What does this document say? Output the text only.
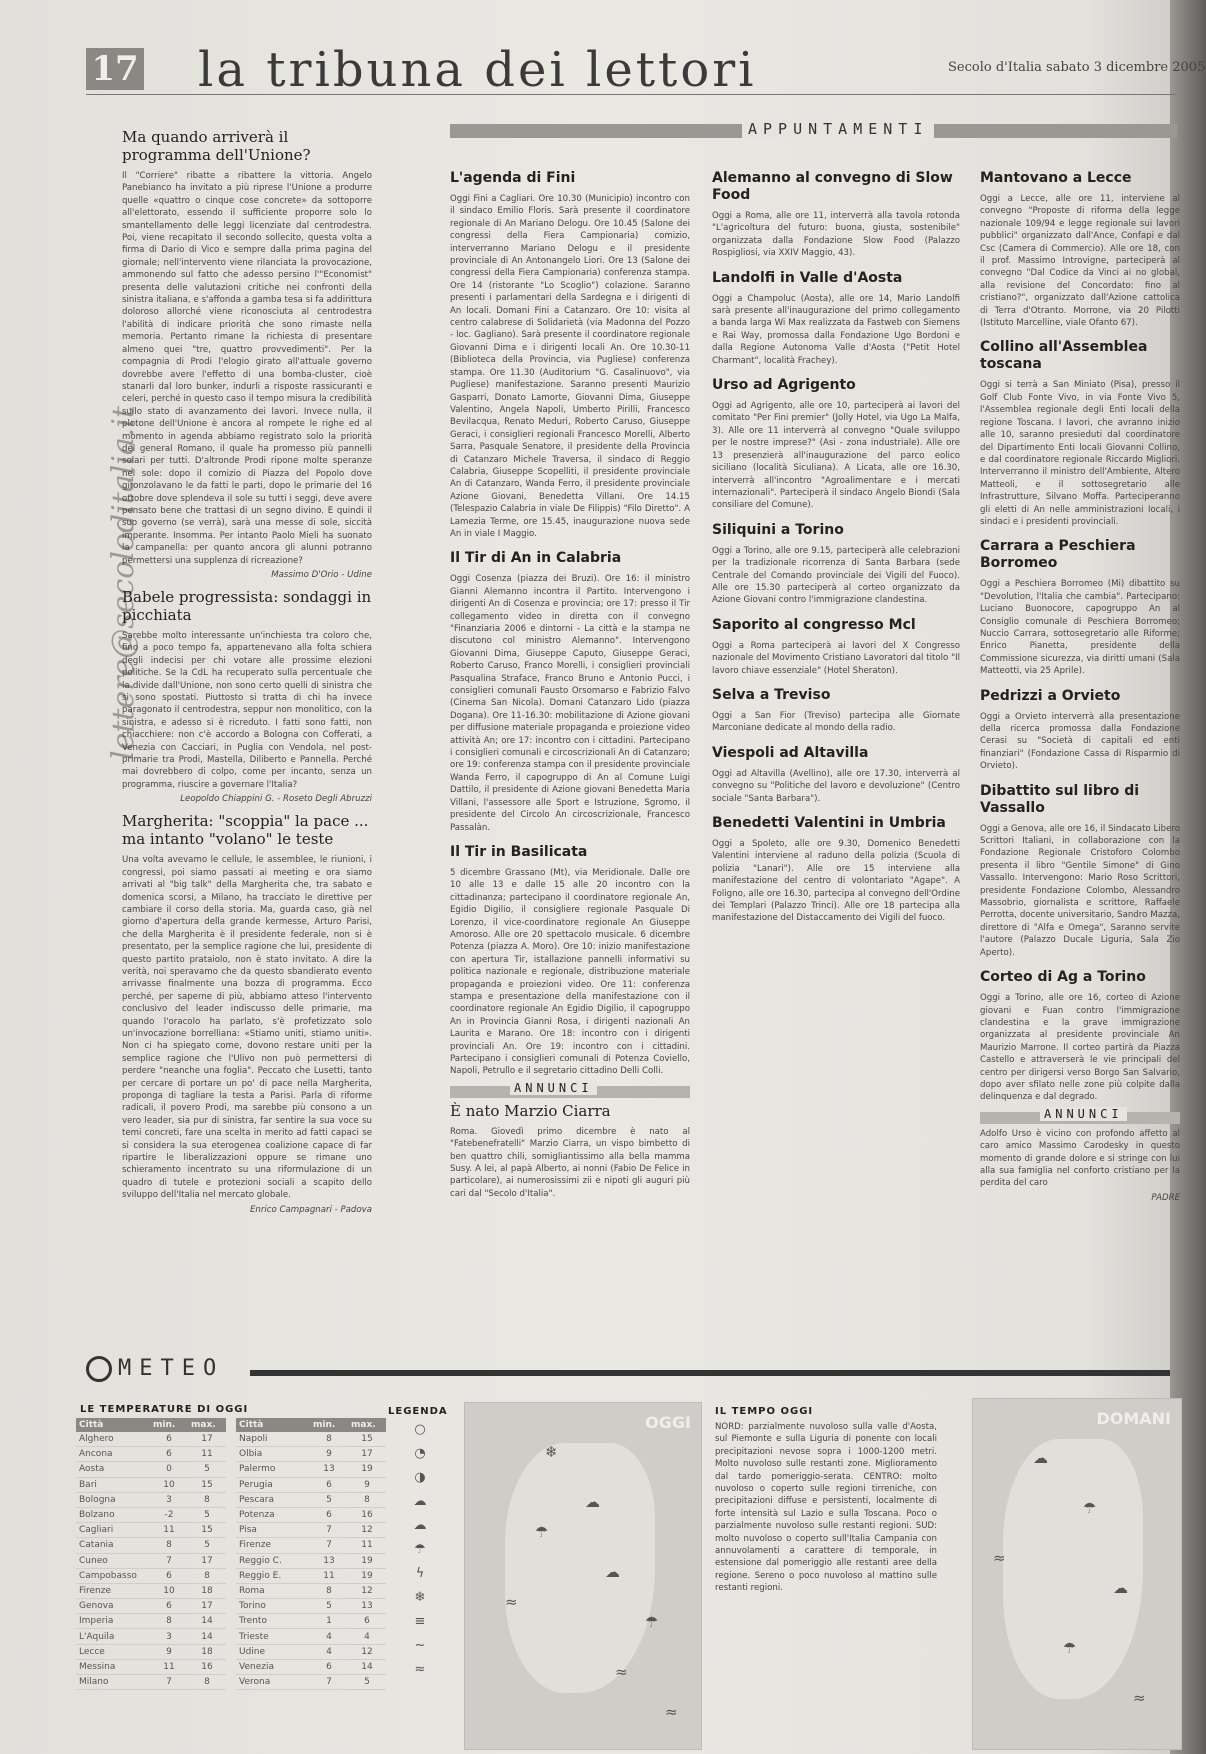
17 la tribuna dei lettori	Secolo d'Italia sabato 3 dicembre 2005
lettere@secoloditalia.it
Ma quando arriverà il programma dell'Unione?

Il "Corriere" ribatte a ribattere la vittoria. Angelo Panebianco ha invitato a più riprese l'Unione a produrre quelle «quattro o cinque cose concrete» da sottoporre all'elettorato, essendo il sufficiente proporre solo lo smantellamento delle leggi licenziate dal centrodestra. Poi, viene recapitato il secondo sollecito, questa volta a firma di Dario di Vico e sempre dalla prima pagina del giornale; nell'intervento viene rilanciata la provocazione, ammonendo sul fatto che adesso persino l'"Economist" presenta delle valutazioni critiche nei confronti della sinistra italiana, e s'affonda a gamba tesa si fa addirittura doloroso allorché viene riconosciuta al centrodestra l'abilità di indicare priorità che sono rimaste nella memoria. Pertanto rimane la richiesta di presentare almeno quei "tre, quattro provvedimenti". Per la compagnia di Prodi l'elogio girato all'attuale governo dovrebbe avere l'effetto di una bomba-cluster, cioè stanarli dal loro bunker, indurli a risposte rassicuranti e celeri, perché in questo caso il tempo misura la credibilità sullo stato di avanzamento dei lavori. Invece nulla, il plotone dell'Unione è ancora al rompete le righe ed al momento in agenda abbiamo registrato solo la priorità del general Romano, il quale ha promesso più pannelli solari per tutti. D'altronde Prodi ripone molte speranze nel sole: dopo il comizio di Piazza del Popolo dove gironzolavano le da fatti le parti, dopo le primarie del 16 ottobre dove splendeva il sole su tutti i seggi, deve avere pensato bene che trattasi di un segno divino. E quindi il suo governo (se verrà), sarà una messe di sole, siccità imperante. Insomma. Per intanto Paolo Mieli ha suonato la campanella: per quanto ancora gli alunni potranno permettersi una supplenza di ricreazione?

Massimo D'Orio - Udine
Babele progressista: sondaggi in picchiata

Sarebbe molto interessante un'inchiesta tra coloro che, fino a poco tempo fa, appartenevano alla folta schiera degli indecisi per chi votare alle prossime elezioni politiche. Se la CdL ha recuperato sulla percentuale che la divide dall'Unione, non sono certo quelli di sinistra che si sono spostati. Piuttosto si tratta di chi ha invece paragonato il centrodestra, seppur non monolitico, con la sinistra, e adesso si è ricreduto. I fatti sono fatti, non chiacchiere: non c'è accordo a Bologna con Cofferati, a Venezia con Cacciari, in Puglia con Vendola, nel post-primarie tra Prodi, Mastella, Diliberto e Pannella. Perché mai dovrebbero di colpo, come per incanto, senza un programma, riuscire a governare l'Italia?

Leopoldo Chiappini G. - Roseto Degli Abruzzi
Margherita: "scoppia" la pace ... ma intanto "volano" le teste

Una volta avevamo le cellule, le assemblee, le riunioni, i congressi, poi siamo passati ai meeting e ora siamo arrivati al "big talk" della Margherita che, tra sabato e domenica scorsi, a Milano, ha tracciato le direttive per cambiare il corso della storia. Ma, guarda caso, già nel giorno d'apertura della grande kermesse, Arturo Parisi, che della Margherita è il presidente federale, non si è presentato, per la semplice ragione che lui, presidente di questo partito prataiolo, non è stato invitato. A dire la verità, noi speravamo che da questo sbandierato evento arrivasse finalmente una bozza di programma. Ecco perché, per saperne di più, abbiamo atteso l'intervento conclusivo del leader indiscusso delle primarie, ma quando l'oracolo ha parlato, s'è profetizzato solo un'invocazione borrelliana: «Stiamo uniti, stiamo uniti». Non ci ha spiegato come, dovono restare uniti per la semplice ragione che l'Ulivo non può permettersi di perdere "neanche una foglia". Peccato che Lusetti, tanto per cercare di portare un po' di pace nella Margherita, proponga di tagliare la testa a Parisi. Parla di riforme radicali, il povero Prodi, ma sarebbe più consono a un vero leader, sia pur di sinistra, far sentire la sua voce su temi concreti, fare una scelta in merito ad fatti capaci se si considera la sua eterogenea coalizione capace di far ripartire le liberalizzazioni oppure se rimane uno schieramento incentrato su una riformulazione di un quadro di tutele e protezioni sociali a scapito dello sviluppo dell'Italia nel mercato globale.

Enrico Campagnari - Padova
APPUNTAMENTI
L'agenda di Fini

Oggi Fini a Cagliari. Ore 10.30 (Municipio) incontro con il sindaco Emilio Floris. Sarà presente il coordinatore regionale di An Mariano Delogu. Ore 10.45 (Salone dei congressi della Fiera Campionaria) comizio, interverranno Mariano Delogu e il presidente provinciale di An Antonangelo Liori. Ore 13 (Salone dei congressi della Fiera Campionaria) conferenza stampa. Ore 14 (ristorante "Lo Scoglio") colazione. Saranno presenti i parlamentari della Sardegna e i dirigenti di An locali. Domani Fini a Catanzaro. Ore 10: visita al centro calabrese di Solidarietà (via Madonna del Pozzo - loc. Gagliano). Sarà presente il coordinatore regionale Giovanni Dima e i dirigenti locali An. Ore 10.30-11 (Biblioteca della Provincia, via Pugliese) conferenza stampa. Ore 11.30 (Auditorium "G. Casalinuovo", via Pugliese) manifestazione. Saranno presenti Maurizio Gasparri, Donato Lamorte, Giovanni Dima, Giuseppe Valentino, Angela Napoli, Umberto Pirilli, Francesco Bevilacqua, Renato Meduri, Roberto Caruso, Giuseppe Geraci, i consiglieri regionali Francesco Morelli, Alberto Sarra, Pasquale Senatore, il presidente della Provincia di Catanzaro Michele Traversa, il sindaco di Reggio Calabria, Giuseppe Scopelliti, il presidente provinciale An di Catanzaro, Wanda Ferro, il presidente provinciale Azione Giovani, Benedetta Villani. Ore 14.15 (Telespazio Calabria in viale De Filippis) "Filo Diretto". A Lamezia Terme, ore 15.45, inaugurazione nuova sede An in viale I Maggio.

Il Tir di An in Calabria

Oggi Cosenza (piazza dei Bruzi). Ore 16: il ministro Gianni Alemanno incontra il Partito. Intervengono i dirigenti An di Cosenza e provincia; ore 17: presso il Tir collegamento video in diretta con il convegno "Finanziaria 2006 e dintorni - La città e la stampa ne discutono col ministro Alemanno". Intervengono Giovanni Dima, Giuseppe Caputo, Giuseppe Geraci, Roberto Caruso, Franco Morelli, i consiglieri provinciali Pasqualina Straface, Franco Bruno e Antonio Pucci, i consiglieri comunali Fausto Orsomarso e Fabrizio Falvo (Cinema San Nicola). Domani Catanzaro Lido (piazza Dogana). Ore 11-16.30: mobilitazione di Azione giovani per diffusione materiale propaganda e proiezione video attività An; ore 17: incontro con i cittadini. Partecipano i consiglieri comunali e circoscrizionali An di Catanzaro; ore 19: conferenza stampa con il presidente provinciale Wanda Ferro, il capogruppo di An al Comune Luigi Dattilo, il presidente di Azione giovani Benedetta Maria Villani, l'assessore alle Sport e Istruzione, Sgromo, il presidente del Circolo An circoscrizionale, Francesco Passalàn.

Il Tir in Basilicata

5 dicembre Grassano (Mt), via Meridionale. Dalle ore 10 alle 13 e dalle 15 alle 20 incontro con la cittadinanza; partecipano il coordinatore regionale An, Egidio Digilio, il consigliere regionale Pasquale Di Lorenzo, il vice-coordinatore regionale An Giuseppe Amoroso. Alle ore 20 spettacolo musicale. 6 dicembre Potenza (piazza A. Moro). Ore 10: inizio manifestazione con apertura Tir, istallazione pannelli informativi su politica nazionale e regionale, distribuzione materiale propaganda e proiezioni video. Ore 11: conferenza stampa e presentazione della manifestazione con il coordinatore regionale An Egidio Digilio, il capogruppo An in Provincia Gianni Rosa, i dirigenti nazionali An Laurita e Marano. Ore 18: incontro con i dirigenti provinciali An. Ore 19: incontro con i cittadini. Partecipano i consiglieri comunali di Potenza Coviello, Napoli, Petrullo e il segretario cittadino Delli Colli.

ANNUNCI
È nato Marzio Ciarra

Roma. Giovedì primo dicembre è nato al "Fatebenefratelli" Marzio Ciarra, un vispo bimbetto di ben quattro chili, somigliantissimo alla bella mamma Susy. A lei, al papà Alberto, ai nonni (Fabio De Felice in particolare), ai numerosissimi zii e nipoti gli auguri più cari dal "Secolo d'Italia".

Alemanno al convegno di Slow Food

Oggi a Roma, alle ore 11, interverrà alla tavola rotonda "L'agricoltura del futuro: buona, giusta, sostenibile" organizzata dalla Fondazione Slow Food (Palazzo Rospigliosi, via XXIV Maggio, 43).

Landolfi in Valle d'Aosta

Oggi a Champoluc (Aosta), alle ore 14, Mario Landolfi sarà presente all'inaugurazione del primo collegamento a banda larga Wi Max realizzata da Fastweb con Siemens e Rai Way, promossa dalla Fondazione Ugo Bordoni e dalla Regione Autonoma Valle d'Aosta ("Petit Hotel Charmant", località Frachey).

Urso ad Agrigento

Oggi ad Agrigento, alle ore 10, parteciperà ai lavori del comitato "Per Fini premier" (Jolly Hotel, via Ugo La Malfa, 3). Alle ore 11 interverrà al convegno "Quale sviluppo per le nostre imprese?" (Asi - zona industriale). Alle ore 13 presenzierà all'inaugurazione del parco eolico siciliano (località Siculiana). A Licata, alle ore 16.30, interverrà all'incontro "Agroalimentare e i mercati internazionali". Parteciperà il sindaco Angelo Biondi (Sala consiliare del Comune).

Siliquini a Torino

Oggi a Torino, alle ore 9.15, parteciperà alle celebrazioni per la tradizionale ricorrenza di Santa Barbara (sede Centrale del Comando provinciale dei Vigili del Fuoco). Alle ore 15.30 parteciperà al corteo organizzato da Azione Giovani contro l'immigrazione clandestina.

Saporito al congresso Mcl

Oggi a Roma parteciperà ai lavori del X Congresso nazionale del Movimento Cristiano Lavoratori dal titolo "Il lavoro chiave essenziale" (Hotel Sheraton).

Selva a Treviso

Oggi a San Fior (Treviso) partecipa alle Giornate Marconiane dedicate al mondo della radio.

Viespoli ad Altavilla

Oggi ad Altavilla (Avellino), alle ore 17.30, interverrà al convegno su "Politiche del lavoro e devoluzione" (Centro sociale "Santa Barbara").

Benedetti Valentini in Umbria

Oggi a Spoleto, alle ore 9.30, Domenico Benedetti Valentini interviene al raduno della polizia (Scuola di polizia "Lanari"). Alle ore 15 interviene alla manifestazione del centro di volontariato "Agape". A Foligno, alle ore 16.30, partecipa al convegno dell'Ordine dei Templari (Palazzo Trinci). Alle ore 18 partecipa alla manifestazione del Distaccamento dei Vigili del fuoco.

Mantovano a Lecce

Oggi a Lecce, alle ore 11, interviene al convegno "Proposte di riforma della legge nazionale 109/94 e legge regionale sui lavori pubblici" organizzato dall'Ance, Confapi e dal Csc (Camera di Commercio). Alle ore 18, con il prof. Massimo Introvigne, parteciperà al convegno "Dal Codice da Vinci ai no global, alla revisione del Concordato: fino al cristiano?", organizzato dall'Azione cattolica di Terra d'Otranto. Morrone, via 20 Pilotti (Istituto Marcelline, viale Ofanto 67).

Collino all'Assemblea toscana

Oggi si terrà a San Miniato (Pisa), presso il Golf Club Fonte Vivo, in via Fonte Vivo 5, l'Assemblea regionale degli Enti locali della regione Toscana. I lavori, che avranno inizio alle 10, saranno presieduti dal coordinatore del Dipartimento Enti locali Giovanni Collino, e dal coordinatore regionale Riccardo Migliori. Interverranno il ministro dell'Ambiente, Altero Matteoli, e il sottosegretario alle Infrastrutture, Silvano Moffa. Parteciperanno gli eletti di An nelle amministrazioni locali, i sindaci e i presidenti provinciali.

Carrara a Peschiera Borromeo

Oggi a Peschiera Borromeo (Mi) dibattito su "Devolution, l'Italia che cambia". Partecipano: Luciano Buonocore, capogruppo An al Consiglio comunale di Peschiera Borromeo; Nuccio Carrara, sottosegretario alle Riforme; Enrico Pianetta, presidente della Commissione sicurezza, via diritti umani (Sala Matteotti, via 25 Aprile).

Pedrizzi a Orvieto

Oggi a Orvieto interverrà alla presentazione della ricerca promossa dalla Fondazione Cerasi su "Società di capitali ed enti finanziari" (Fondazione Cassa di Risparmio di Orvieto).

Dibattito sul libro di Vassallo

Oggi a Genova, alle ore 16, il Sindacato Libero Scrittori Italiani, in collaborazione con la Fondazione Regionale Cristoforo Colombo presenta il libro "Gentile Simone" di Gino Vassallo. Intervengono: Mario Roso Scrittori, presidente Fondazione Colombo, Alessandro Massobrio, giornalista e scrittore, Raffaele Perrotta, docente universitario, Sandro Mazza, direttore di "Alfa e Omega", Saranno servite l'autore (Palazzo Ducale Liguria, Sala Zio Aperto).

Corteo di Ag a Torino

Oggi a Torino, alle ore 16, corteo di Azione giovani e Fuan contro l'immigrazione clandestina e la grave immigrazione organizzata al presidente provinciale An Maurizio Marrone. Il corteo partirà da Piazza Castello e attraverserà le vie principali del centro per dirigersi verso Borgo San Salvario, dopo aver sfilato nelle zone più colpite dalla delinquenza e dal degrado.

ANNUNCI

Adolfo Urso è vicino con profondo affetto al caro amico Massimo Carodesky in questo momento di grande dolore e si stringe con lui alla sua famiglia nel conforto cristiano per la perdita del caro

PADRE
METEO
LE TEMPERATURE DI OGGI
Città	min.	max.
Alghero	6	17
Ancona	6	11
Aosta	0	5
Bari	10	15
Bologna	3	8
Bolzano	-2	5
Cagliari	11	15
Catania	8	5
Cuneo	7	17
Campobasso	6	8
Firenze	10	18
Genova	6	17
Imperia	8	14
L'Aquila	3	14
Lecce	9	18
Messina	11	16
Milano	7	8
Città	min.	max.
Napoli	8	15
Olbia	9	17
Palermo	13	19
Perugia	6	9
Pescara	5	8
Potenza	6	16
Pisa	7	12
Firenze	7	11
Reggio C.	13	19
Reggio E.	11	19
Roma	8	12
Torino	5	13
Trento	1	6
Trieste	4	4
Udine	4	12
Venezia	6	14
Verona	7	5
LEGENDA
○
◔
◑
☁
☁
☂
ϟ
❄
≡
~
≈
OGGI
❄
☁
☂
☁
☂
≈
≈
≈
IL TEMPO OGGI

NORD: parzialmente nuvoloso sulla valle d'Aosta, sul Piemonte e sulla Liguria di ponente con locali precipitazioni nevose sopra i 1000-1200 metri. Molto nuvoloso sulle restanti zone. Miglioramento dal tardo pomeriggio-serata. CENTRO: molto nuvoloso o coperto sulle regioni tirreniche, con precipitazioni diffuse e persistenti, localmente di forte intensità sul Lazio e sulla Toscana. Poco o parzialmente nuvoloso sulle restanti regioni. SUD: molto nuvoloso o coperto sull'Italia Campania con annuvolamenti a carattere di temporale, in estensione dal pomeriggio alle restanti aree della regione. Sereno o poco nuvoloso al mattino sulle restanti regioni.

DOMANI
☁
☂
≈
☁
☂
≈
